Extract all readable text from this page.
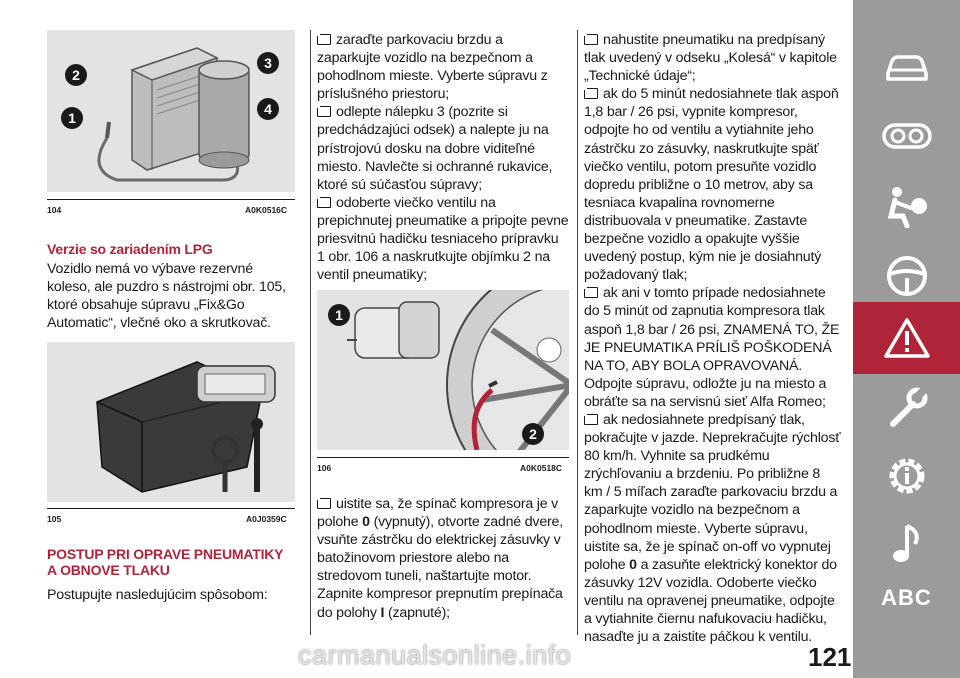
1
2
3
4
104	A0K0516C

Verzie so zariadením LPG

Vozidlo nemá vo výbave rezervné koleso, ale puzdro s nástrojmi obr. 105, ktoré obsahuje súpravu „Fix&Go Automatic“, vlečné oko a skrutkovač.

105	A0J0359C

POSTUP PRI OPRAVE PNEUMATIKY

A OBNOVE TLAKU

Postupujte nasledujúcim spôsobom:

zaraďte parkovaciu brzdu a zaparkujte vozidlo na bezpečnom a pohodlnom mieste. Vyberte súpravu z príslušného priestoru;

odlepte nálepku 3 (pozrite si predchádzajúci odsek) a nalepte ju na prístrojovú dosku na dobre viditeľné miesto. Navlečte si ochranné rukavice, ktoré sú súčasťou súpravy;

odoberte viečko ventilu na prepichnutej pneumatike a pripojte pevne priesvitnú hadičku tesniaceho prípravku 1 obr. 106 a naskrutkujte objímku 2 na ventil pneumatiky;

1
2
106	A0K0518C

uistite sa, že spínač kompresora je v polohe 0 (vypnutý), otvorte zadné dvere, vsuňte zástrčku do elektrickej zásuvky v batožinovom priestore alebo na stredovom tuneli, naštartujte motor. Zapnite kompresor prepnutím prepínača do polohy I (zapnuté);

nahustite pneumatiku na predpísaný tlak uvedený v odseku „Kolesá“ v kapitole „Technické údaje“;

ak do 5 minút nedosiahnete tlak aspoň 1,8 bar / 26 psi, vypnite kompresor, odpojte ho od ventilu a vytiahnite jeho zástrčku zo zásuvky, naskrutkujte späť viečko ventilu, potom presuňte vozidlo dopredu približne o 10 metrov, aby sa tesniaca kvapalina rovnomerne distribuovala v pneumatike. Zastavte bezpečne vozidlo a opakujte vyššie uvedený postup, kým nie je dosiahnutý požadovaný tlak;

ak ani v tomto prípade nedosiahnete do 5 minút od zapnutia kompresora tlak aspoň 1,8 bar / 26 psi, ZNAMENÁ TO, ŽE JE PNEUMATIKA PRÍLIŠ POŠKODENÁ NA TO, ABY BOLA OPRAVOVANÁ. Odpojte súpravu, odložte ju na miesto a obráťte sa na servisnú sieť Alfa Romeo;

ak nedosiahnete predpísaný tlak, pokračujte v jazde. Neprekračujte rýchlosť 80 km/h. Vyhnite sa prudkému zrýchľovaniu a brzdeniu. Po približne 8 km / 5 míľach zaraďte parkovaciu brzdu a zaparkujte vozidlo na bezpečnom a pohodlnom mieste. Vyberte súpravu, uistite sa, že je spínač on-off vo vypnutej polohe 0 a zasuňte elektrický konektor do zásuvky 12V vozidla. Odoberte viečko ventilu na opravenej pneumatike, odpojte a vytiahnite čiernu nafukovaciu hadičku, nasaďte ju a zaistite páčkou k ventilu.

121
carmanualsonline.info
ABC
